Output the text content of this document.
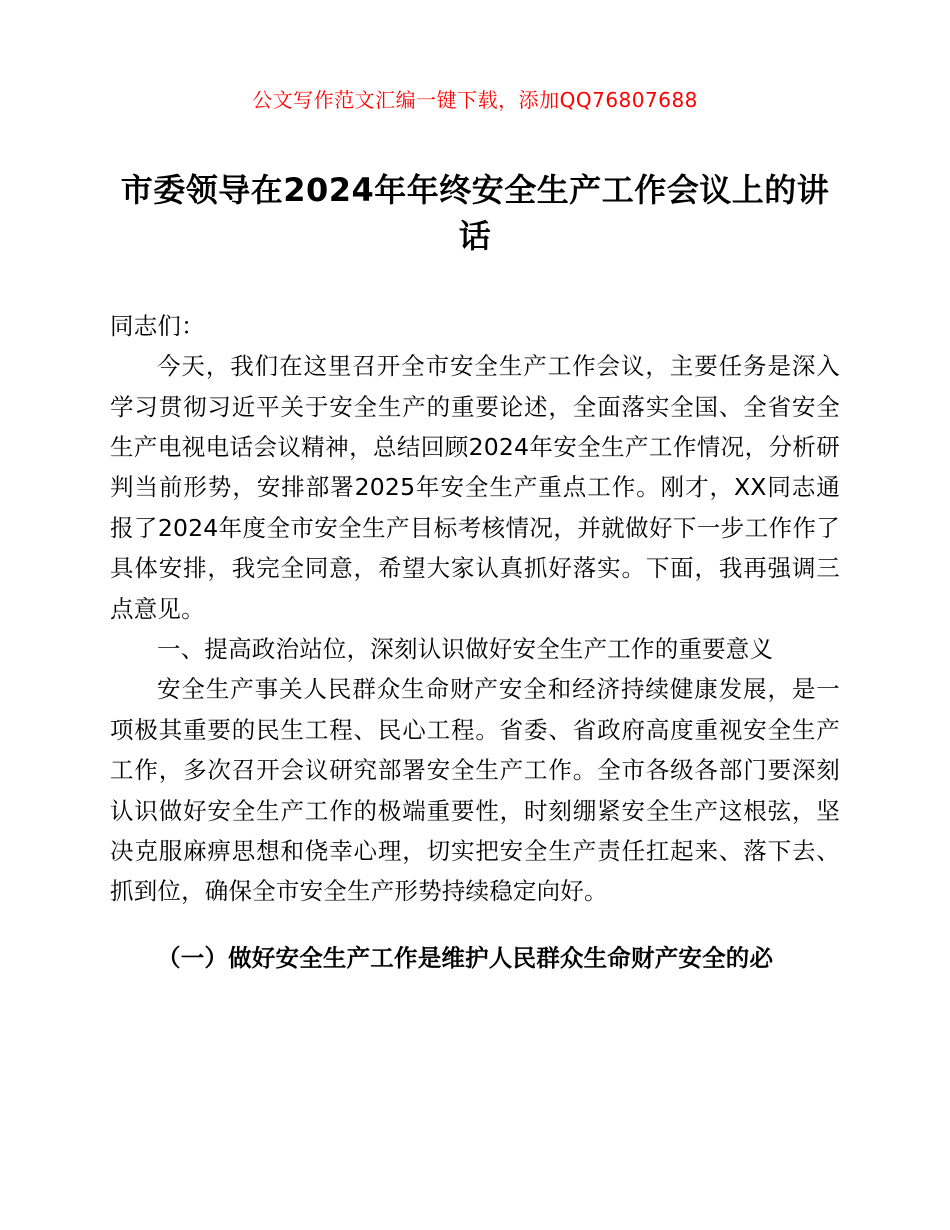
公文写作范文汇编一键下载，添加QQ76807688
市委领导在2024年年终安全生产工作会议上的讲话

同志们：

今天，我们在这里召开全市安全生产工作会议，主要任务是深入学习贯彻习近平关于安全生产的重要论述，全面落实全国、全省安全生产电视电话会议精神，总结回顾2024年安全生产工作情况，分析研判当前形势，安排部署2025年安全生产重点工作。刚才，XX同志通报了2024年度全市安全生产目标考核情况，并就做好下一步工作作了具体安排，我完全同意，希望大家认真抓好落实。下面，我再强调三点意见。

一、提高政治站位，深刻认识做好安全生产工作的重要意义

安全生产事关人民群众生命财产安全和经济持续健康发展，是一项极其重要的民生工程、民心工程。省委、省政府高度重视安全生产工作，多次召开会议研究部署安全生产工作。全市各级各部门要深刻认识做好安全生产工作的极端重要性，时刻绷紧安全生产这根弦，坚决克服麻痹思想和侥幸心理，切实把安全生产责任扛起来、落下去、抓到位，确保全市安全生产形势持续稳定向好。

（一）做好安全生产工作是维护人民群众生命财产安全的必
